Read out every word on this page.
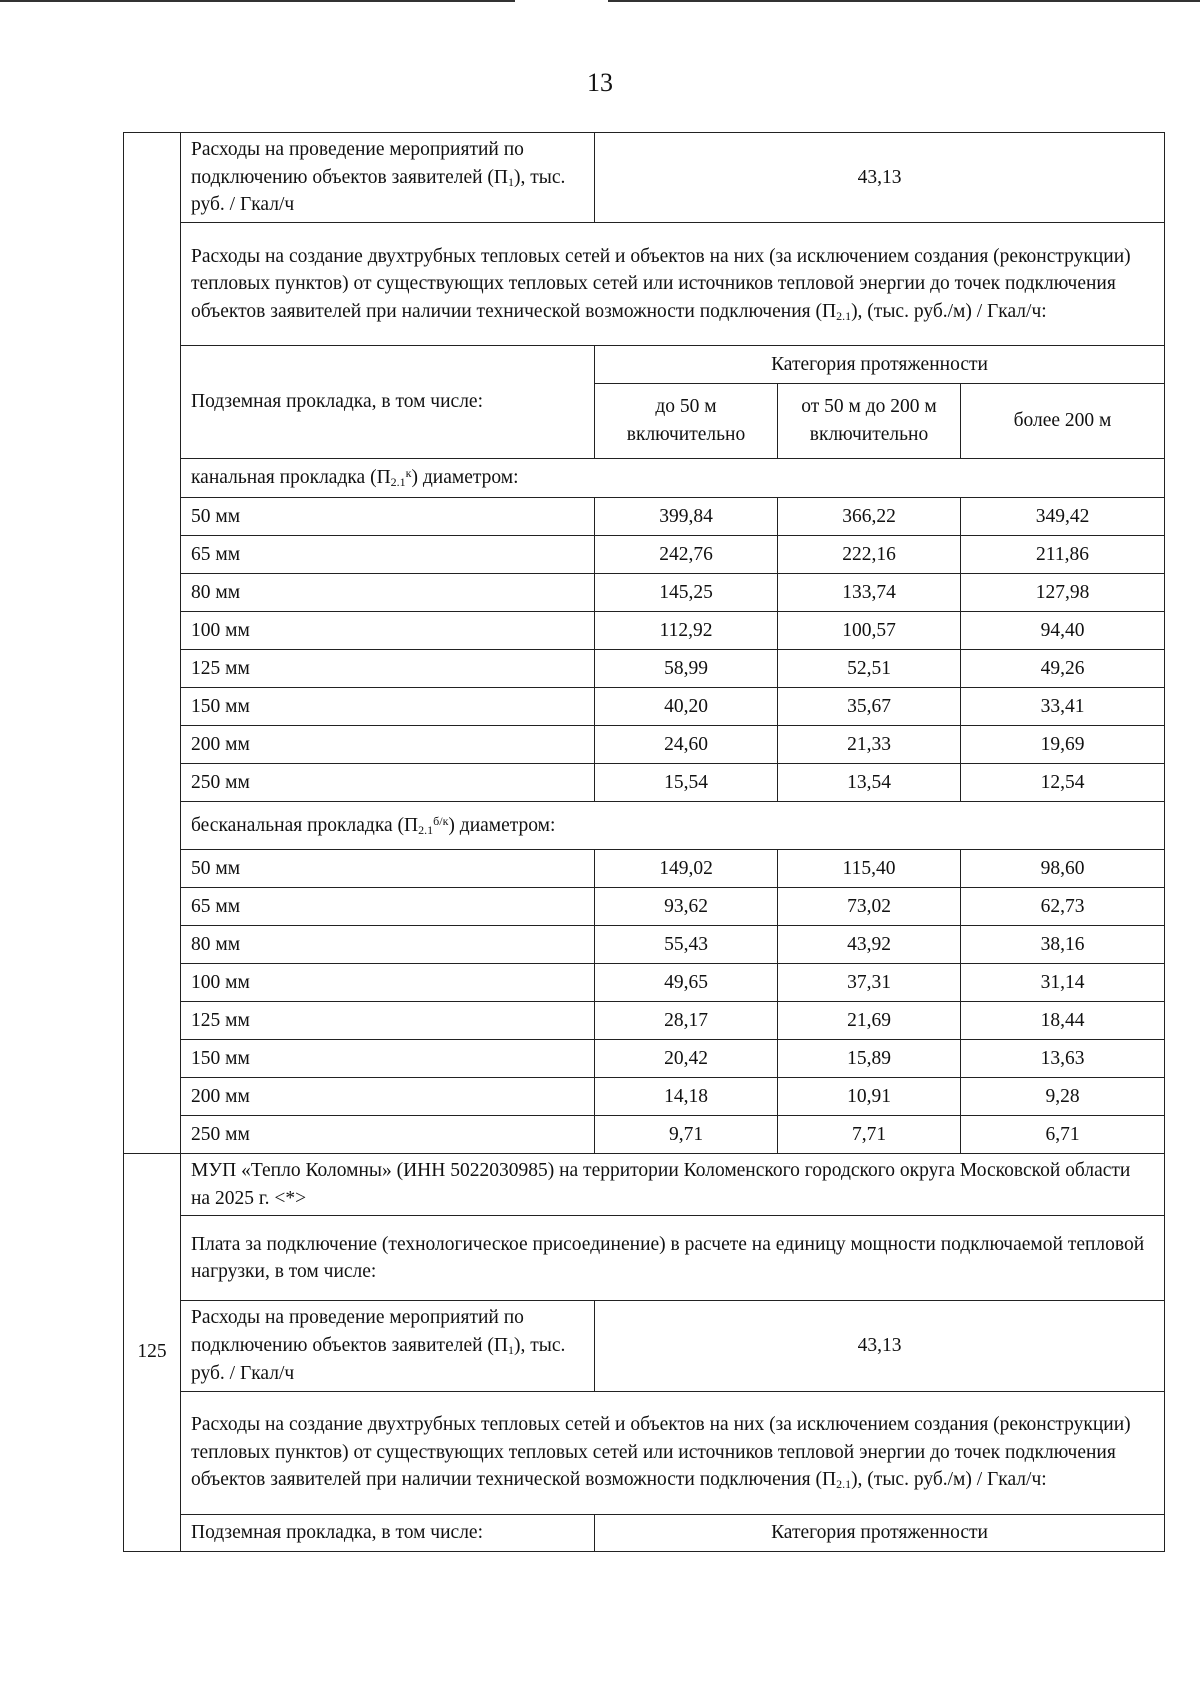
13
	Расходы на проведение мероприятий по подключению объектов заявителей $(П_1)$, тыс. руб. / Гкал/ч	43,13		
	Расходы на создание двухтрубных тепловых сетей и объектов на них (за исключением создания (реконструкции) тепловых пунктов) от существующих тепловых сетей или источников тепловой энергии до точек подключения объектов заявителей при наличии технической возможности подключения $(П_{2.1})$, (тыс. руб./м) / Гкал/ч:			
	Подземная прокладка, в том числе:	Категория протяженности		
		до 50 м включительно	от 50 м до 200 м включительно	более 200 м
	канальная прокладка $(П_{2.1}^к)$ диаметром:			
	50 мм	399,84	366,22	349,42
	65 мм	242,76	222,16	211,86
	80 мм	145,25	133,74	127,98
	100 мм	112,92	100,57	94,40
	125 мм	58,99	52,51	49,26
	150 мм	40,20	35,67	33,41
	200 мм	24,60	21,33	19,69
	250 мм	15,54	13,54	12,54
	бесканальная прокладка $(П_{2.1}^{б/к})$ диаметром:			
	50 мм	149,02	115,40	98,60
	65 мм	93,62	73,02	62,73
	80 мм	55,43	43,92	38,16
	100 мм	49,65	37,31	31,14
	125 мм	28,17	21,69	18,44
	150 мм	20,42	15,89	13,63
	200 мм	14,18	10,91	9,28
	250 мм	9,71	7,71	6,71
125	МУП «Тепло Коломны» (ИНН 5022030985) на территории Коломенского городского округа Московской области на 2025 г. <*>			
	Плата за подключение (технологическое присоединение) в расчете на единицу мощности подключаемой тепловой нагрузки, в том числе:			
	Расходы на проведение мероприятий по подключению объектов заявителей $(П_1)$, тыс. руб. / Гкал/ч	43,13		
	Расходы на создание двухтрубных тепловых сетей и объектов на них (за исключением создания (реконструкции) тепловых пунктов) от существующих тепловых сетей или источников тепловой энергии до точек подключения объектов заявителей при наличии технической возможности подключения $(П_{2.1})$, (тыс. руб./м) / Гкал/ч:			
	Подземная прокладка, в том числе:	Категория протяженности		
